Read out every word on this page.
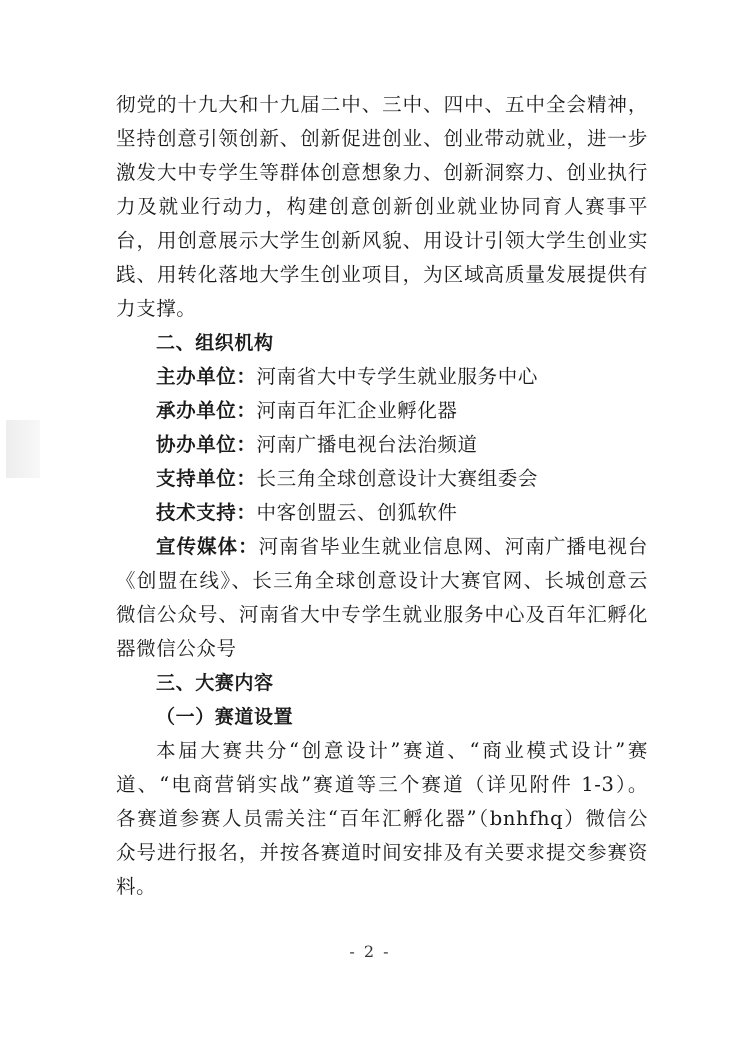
彻党的十九大和十九届二中、三中、四中、五中全会精神，
坚持创意引领创新、创新促进创业、创业带动就业，进一步
激发大中专学生等群体创意想象力、创新洞察力、创业执行
力及就业行动力，构建创意创新创业就业协同育人赛事平
台，用创意展示大学生创新风貌、用设计引领大学生创业实
践、用转化落地大学生创业项目，为区域高质量发展提供有
力支撑。
二、组织机构
主办单位：河南省大中专学生就业服务中心
承办单位：河南百年汇企业孵化器
协办单位：河南广播电视台法治频道
支持单位：长三角全球创意设计大赛组委会
技术支持：中客创盟云、创狐软件
宣传媒体：河南省毕业生就业信息网、河南广播电视台
《创盟在线》、长三角全球创意设计大赛官网、长城创意云
微信公众号、河南省大中专学生就业服务中心及百年汇孵化
器微信公众号
三、大赛内容
（一）赛道设置
本届大赛共分“创意设计”赛道、“商业模式设计”赛
道、“电商营销实战”赛道等三个赛道（详见附件 1-3）。
各赛道参赛人员需关注“百年汇孵化器”（bnhfhq）微信公
众号进行报名，并按各赛道时间安排及有关要求提交参赛资
料。
- 2 -
